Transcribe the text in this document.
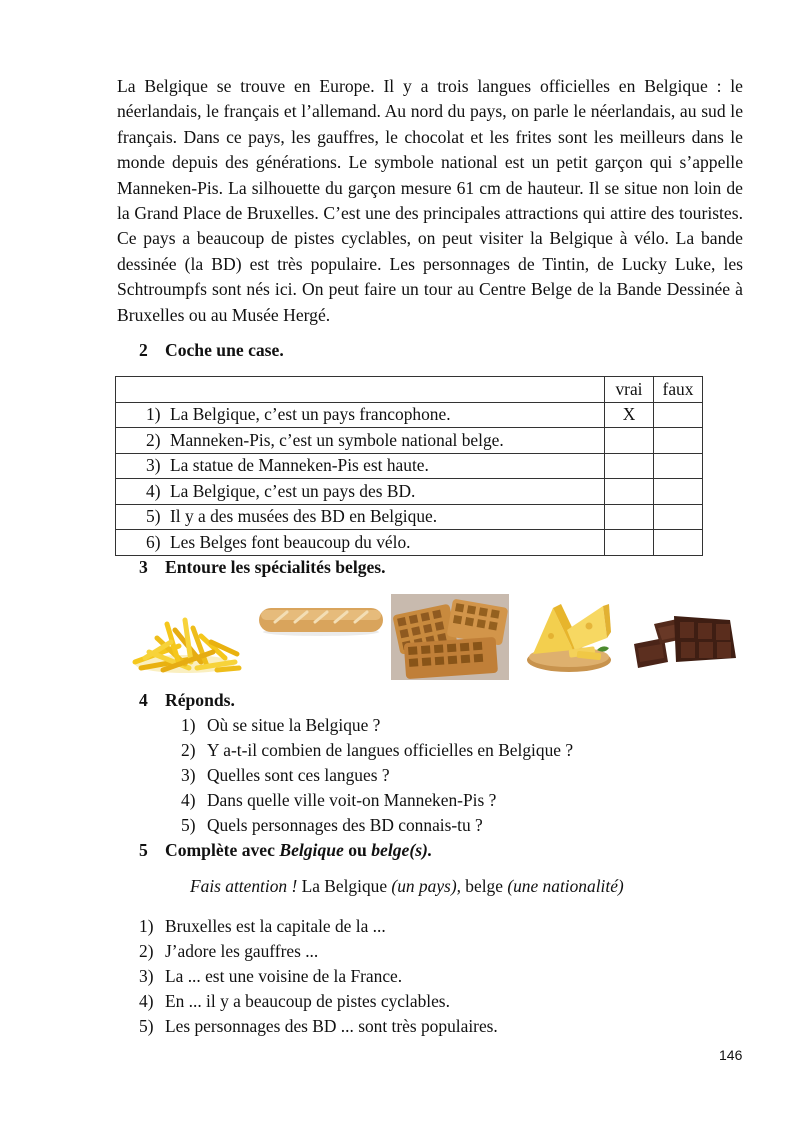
La Belgique se trouve en Europe. Il y a trois langues officielles en Belgique : le néerlandais, le français et l’allemand. Au nord du pays, on parle le néerlandais, au sud le français. Dans ce pays, les gauffres, le chocolat et les frites sont les meilleurs dans le monde depuis des générations. Le symbole national est un petit garçon qui s’appelle Manneken-Pis. La silhouette du garçon mesure 61 cm de hauteur. Il se situe non loin de la Grand Place de Bruxelles. C’est une des principales attractions qui attire des touristes. Ce pays a beaucoup de pistes cyclables, on peut visiter la Belgique à vélo. La bande dessinée (la BD) est très populaire. Les personnages de Tintin, de Lucky Luke, les Schtroumpfs sont nés ici. On peut faire un tour au Centre Belge de la Bande Dessinée à Bruxelles ou au Musée Hergé.

2 Coche une case.

	vrai	faux
1) La Belgique, c’est un pays francophone.	X	
2) Manneken-Pis, c’est un symbole national belge.		
3) La statue de Manneken-Pis est haute.		
4) La Belgique, c’est un pays des BD.		
5) Il y a des musées des BD en Belgique.		
6) Les Belges font beaucoup du vélo.		

3 Entoure les spécialités belges.

4 Réponds.

1) Où se situe la Belgique ?
2) Y a-t-il combien de langues officielles en Belgique ?
3) Quelles sont ces langues ?
4) Dans quelle ville voit-on Manneken-Pis ?
5) Quels personnages des BD connais-tu ?

5 Complète avec Belgique ou belge(s).

Fais attention ! La Belgique (un pays), belge (une nationalité)
1) Bruxelles est la capitale de la ...
2) J’adore les gauffres ...
3) La ... est une voisine de la France.
4) En ... il y a beaucoup de pistes cyclables.
5) Les personnages des BD ... sont très populaires.
146
